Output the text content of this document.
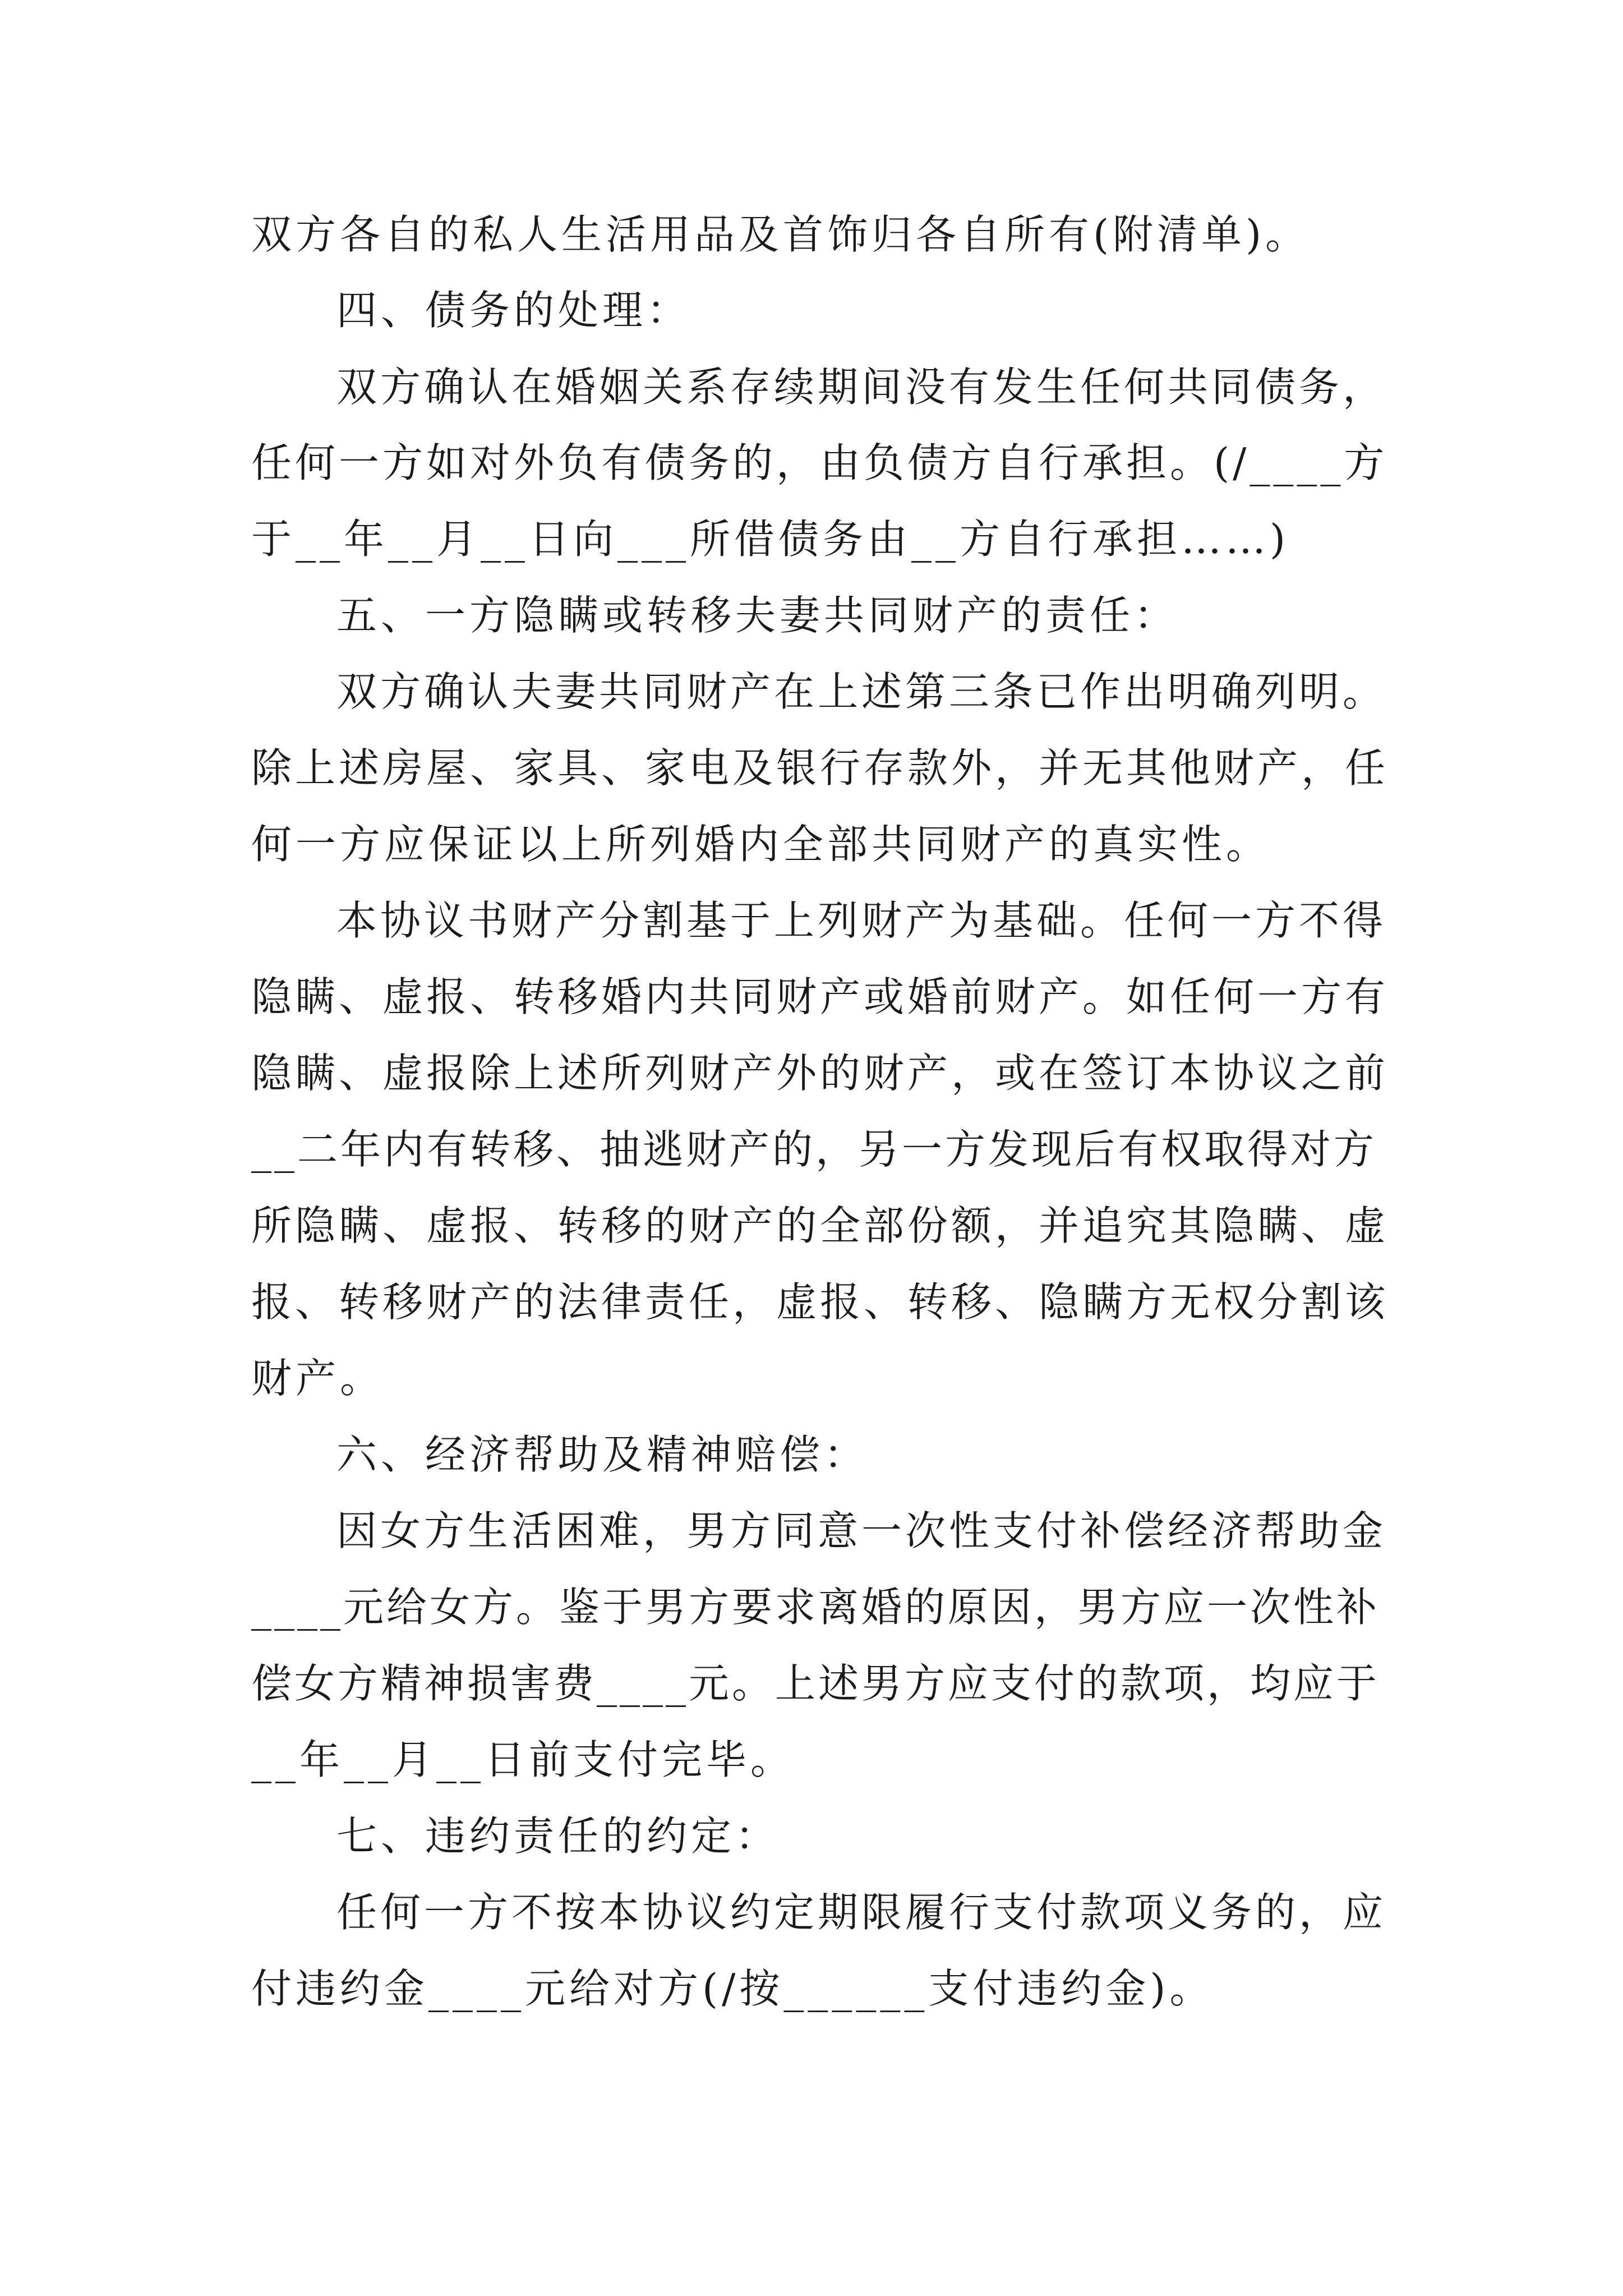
双方各自的私人生活用品及首饰归各自所有(附清单)。

四、债务的处理：

双方确认在婚姻关系存续期间没有发生任何共同债务，

任何一方如对外负有债务的，由负债方自行承担。(/____方

于__年__月__日向___所借债务由__方自行承担……)

五、一方隐瞒或转移夫妻共同财产的责任：

双方确认夫妻共同财产在上述第三条已作出明确列明。

除上述房屋、家具、家电及银行存款外，并无其他财产，任

何一方应保证以上所列婚内全部共同财产的真实性。

本协议书财产分割基于上列财产为基础。任何一方不得

隐瞒、虚报、转移婚内共同财产或婚前财产。如任何一方有

隐瞒、虚报除上述所列财产外的财产，或在签订本协议之前

__二年内有转移、抽逃财产的，另一方发现后有权取得对方

所隐瞒、虚报、转移的财产的全部份额，并追究其隐瞒、虚

报、转移财产的法律责任，虚报、转移、隐瞒方无权分割该

财产。

六、经济帮助及精神赔偿：

因女方生活困难，男方同意一次性支付补偿经济帮助金

____元给女方。鉴于男方要求离婚的原因，男方应一次性补

偿女方精神损害费____元。上述男方应支付的款项，均应于

__年__月__日前支付完毕。

七、违约责任的约定：

任何一方不按本协议约定期限履行支付款项义务的，应

付违约金____元给对方(/按______支付违约金)。
